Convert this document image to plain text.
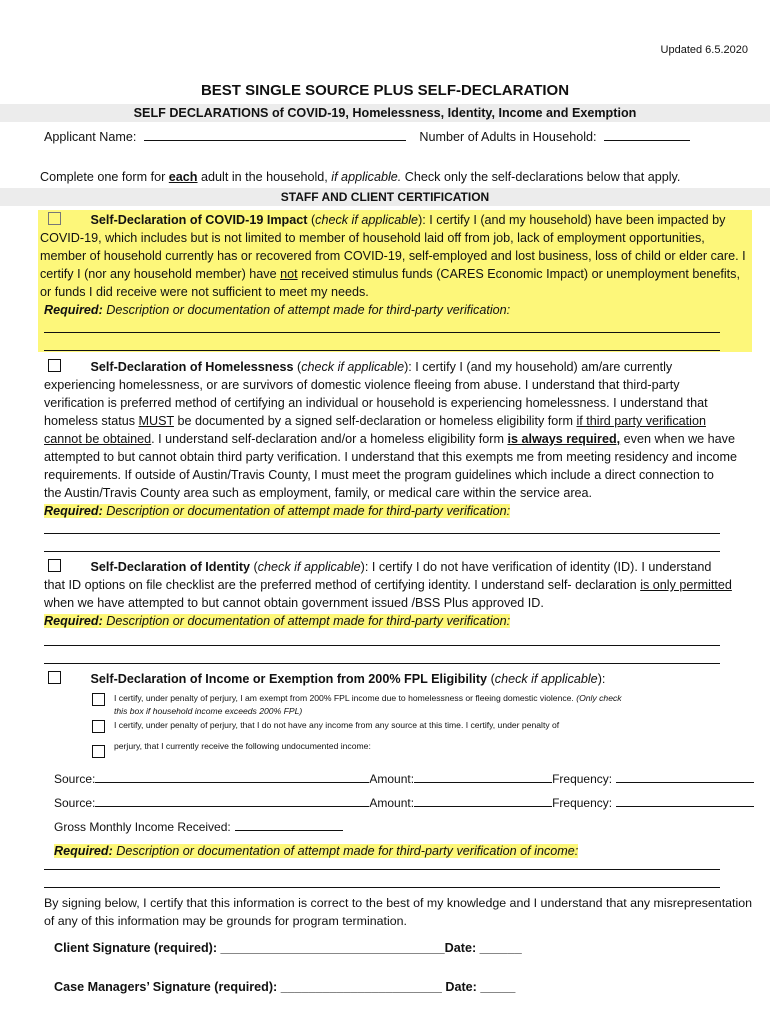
Updated 6.5.2020
BEST SINGLE SOURCE PLUS SELF-DECLARATION
SELF DECLARATIONS of COVID-19, Homelessness, Identity, Income and Exemption
Applicant Name:	Number of Adults in Household:
Complete one form for each adult in the household, if applicable. Check only the self-declarations below that apply.
STAFF AND CLIENT CERTIFICATION
Self-Declaration of COVID-19 Impact (check if applicable): I certify I (and my household) have been impacted by
COVID-19, which includes but is not limited to member of household laid off from job, lack of employment opportunities,
member of household currently has or recovered from COVID-19, self-employed and lost business, loss of child or elder care. I
certify I (nor any household member) have not received stimulus funds (CARES Economic Impact) or unemployment benefits,
or funds I did receive were not sufficient to meet my needs.
Required: Description or documentation of attempt made for third-party verification:
Self-Declaration of Homelessness (check if applicable): I certify I (and my household) am/are currently
experiencing homelessness, or are survivors of domestic violence fleeing from abuse. I understand that third-party
verification is preferred method of certifying an individual or household is experiencing homelessness. I understand that
homeless status MUST be documented by a signed self-declaration or homeless eligibility form if third party verification
cannot be obtained. I understand self-declaration and/or a homeless eligibility form is always required, even when we have
attempted to but cannot obtain third party verification. I understand that this exempts me from meeting residency and income
requirements. If outside of Austin/Travis County, I must meet the program guidelines which include a direct connection to
the Austin/Travis County area such as employment, family, or medical care within the service area.
Required: Description or documentation of attempt made for third-party verification:
Self-Declaration of Identity (check if applicable): I certify I do not have verification of identity (ID). I understand
that ID options on file checklist are the preferred method of certifying identity. I understand self- declaration is only permitted
when we have attempted to but cannot obtain government issued /BSS Plus approved ID.
Required: Description or documentation of attempt made for third-party verification:
Self-Declaration of Income or Exemption from 200% FPL Eligibility (check if applicable):
I certify, under penalty of perjury, I am exempt from 200% FPL income due to homelessness or fleeing domestic violence. (Only check
this box if household income exceeds 200% FPL)
I certify, under penalty of perjury, that I do not have any income from any source at this time. I certify, under penalty of
perjury, that I currently receive the following undocumented income:
Source:	Amount:	Frequency:
Source:	Amount:	Frequency:
Gross Monthly Income Received:
Required: Description or documentation of attempt made for third-party verification of income:
By signing below, I certify that this information is correct to the best of my knowledge and I understand that any misrepresentation
of any of this information may be grounds for program termination.
Client Signature (required): ________________________________Date: ______
Case Managers’ Signature (required): _______________________ Date: _____
